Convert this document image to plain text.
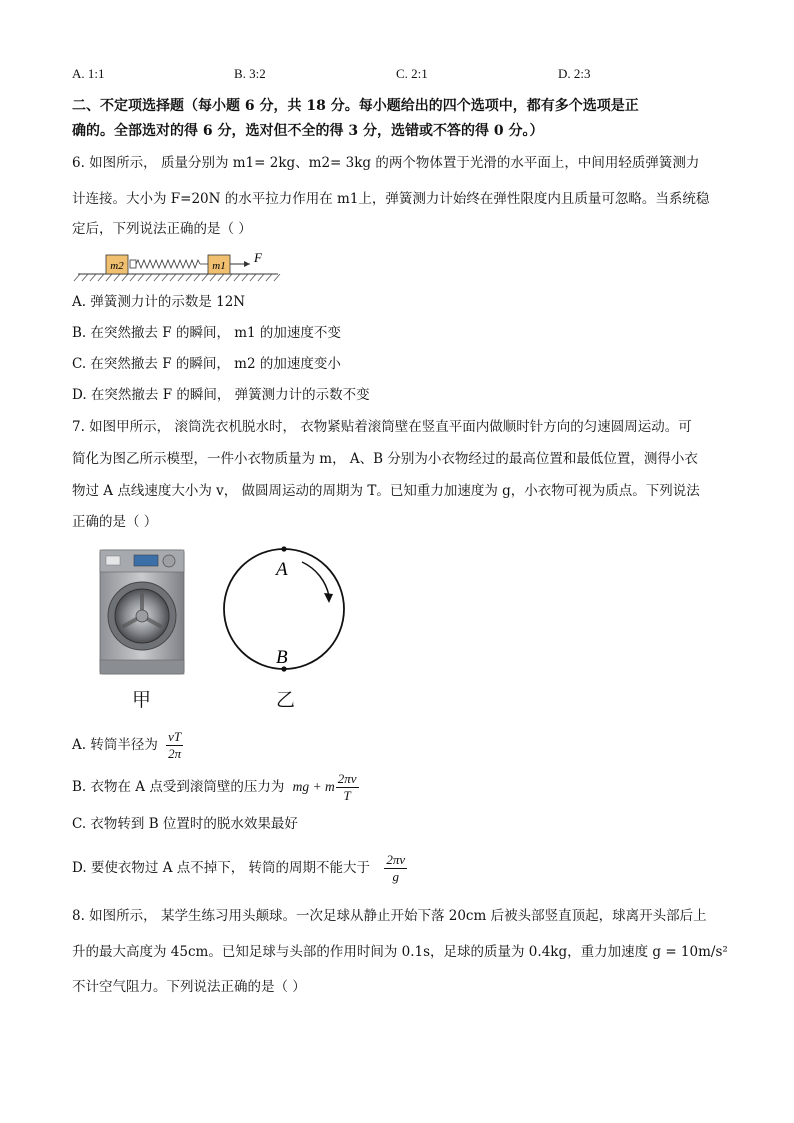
A. 1:1	B. 3:2	C. 2:1	D. 2:3
二、不定项选择题（每小题 6 分，共 18 分。每小题给出的四个选项中，都有多个选项是正
确的。全部选对的得 6 分，选对但不全的得 3 分，选错或不答的得 0 分。）
6. 如图所示， 质量分别为 m1= 2kg、m2= 3kg 的两个物体置于光滑的水平面上，中间用轻质弹簧测力
计连接。大小为 F=20N 的水平拉力作用在 m1上，弹簧测力计始终在弹性限度内且质量可忽略。当系统稳
定后，下列说法正确的是（ ）
m2	m1
F
A. 弹簧测力计的示数是 12N
B. 在突然撤去 F 的瞬间， m1 的加速度不变
C. 在突然撤去 F 的瞬间， m2 的加速度变小
D. 在突然撤去 F 的瞬间， 弹簧测力计的示数不变
7. 如图甲所示， 滚筒洗衣机脱水时， 衣物紧贴着滚筒壁在竖直平面内做顺时针方向的匀速圆周运动。可
简化为图乙所示模型，一件小衣物质量为 m， A、B 分别为小衣物经过的最高位置和最低位置，测得小衣
物过 A 点线速度大小为 v， 做圆周运动的周期为 T。已知重力加速度为 g，小衣物可视为质点。下列说法
正确的是（ ）
甲
A
B
乙
A. 转筒半径为 $\frac{vT}{2\pi}$
B. 衣物在 A 点受到滚筒壁的压力为 mg + m $\frac{2\pi v}{T}$
C. 衣物转到 B 位置时的脱水效果最好
D. 要使衣物过 A 点不掉下， 转筒的周期不能大于 $\frac{2\pi v}{g}$
8. 如图所示， 某学生练习用头颠球。一次足球从静止开始下落 20cm 后被头部竖直顶起，球离开头部后上
升的最大高度为 45cm。已知足球与头部的作用时间为 0.1s，足球的质量为 0.4kg，重力加速度 g = 10m/s²
不计空气阻力。下列说法正确的是（ ）
